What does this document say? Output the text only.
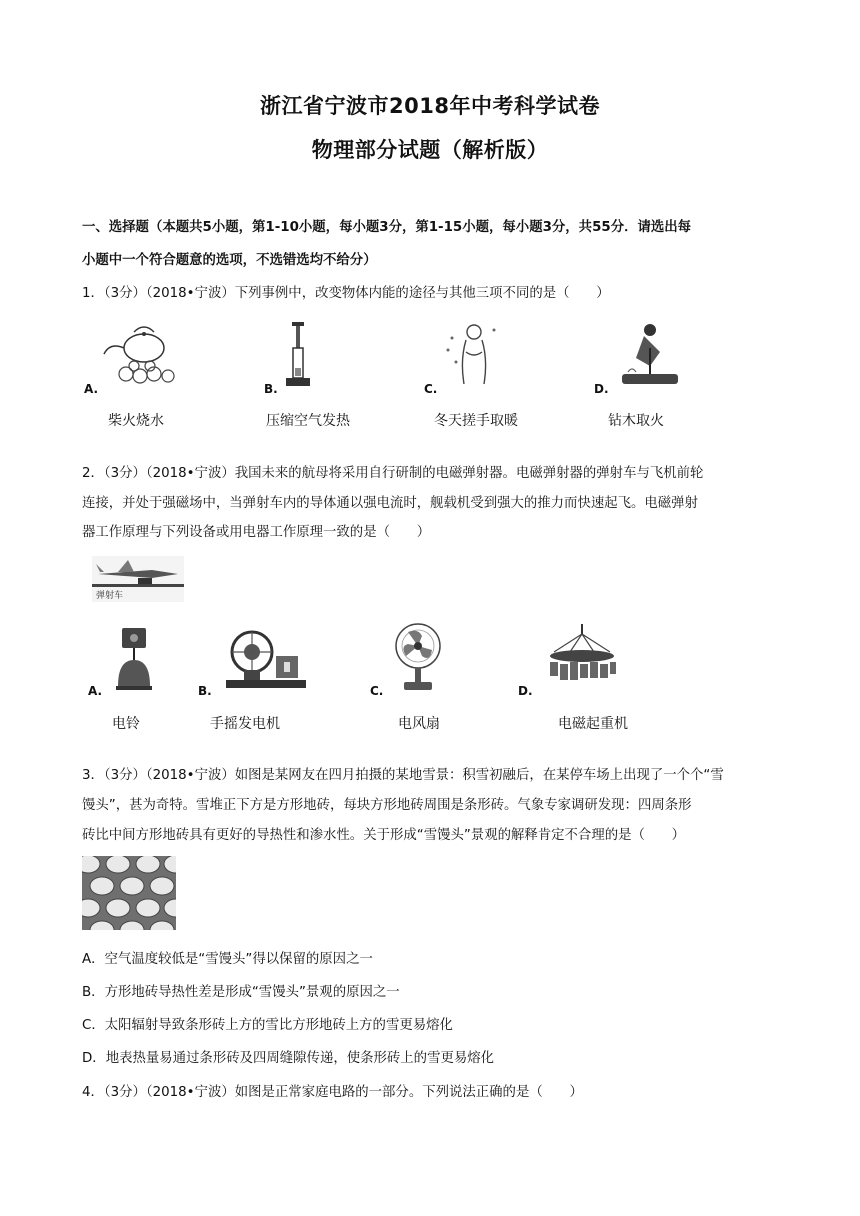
浙江省宁波市2018年中考科学试卷
物理部分试题（解析版）
一、选择题（本题共5小题，第1-10小题，每小题3分，第1-15小题，每小题3分，共55分．请选出每
小题中一个符合题意的选项，不选错选均不给分）
1．（3分）（2018•宁波）下列事例中，改变物体内能的途径与其他三项不同的是（　　）
A.
柴火烧水
B.
压缩空气发热
C.
冬天搓手取暖
D.
钻木取火
2．（3分）（2018•宁波）我国未来的航母将采用自行研制的电磁弹射器。电磁弹射器的弹射车与飞机前轮
连接，并处于强磁场中，当弹射车内的导体通以强电流时，舰载机受到强大的推力而快速起飞。电磁弹射
器工作原理与下列设备或用电器工作原理一致的是（　　）
弹射车
A.
电铃
B.
手摇发电机
C.
电风扇
D.
电磁起重机
3．（3分）（2018•宁波）如图是某网友在四月拍摄的某地雪景：积雪初融后，在某停车场上出现了一个个“雪
馒头”，甚为奇特。雪堆正下方是方形地砖，每块方形地砖周围是条形砖。气象专家调研发现：四周条形
砖比中间方形地砖具有更好的导热性和渗水性。关于形成“雪馒头”景观的解释肯定不合理的是（　　）
A．空气温度较低是“雪馒头”得以保留的原因之一
B．方形地砖导热性差是形成“雪馒头”景观的原因之一
C．太阳辐射导致条形砖上方的雪比方形地砖上方的雪更易熔化
D．地表热量易通过条形砖及四周缝隙传递，使条形砖上的雪更易熔化
4．（3分）（2018•宁波）如图是正常家庭电路的一部分。下列说法正确的是（　　）
